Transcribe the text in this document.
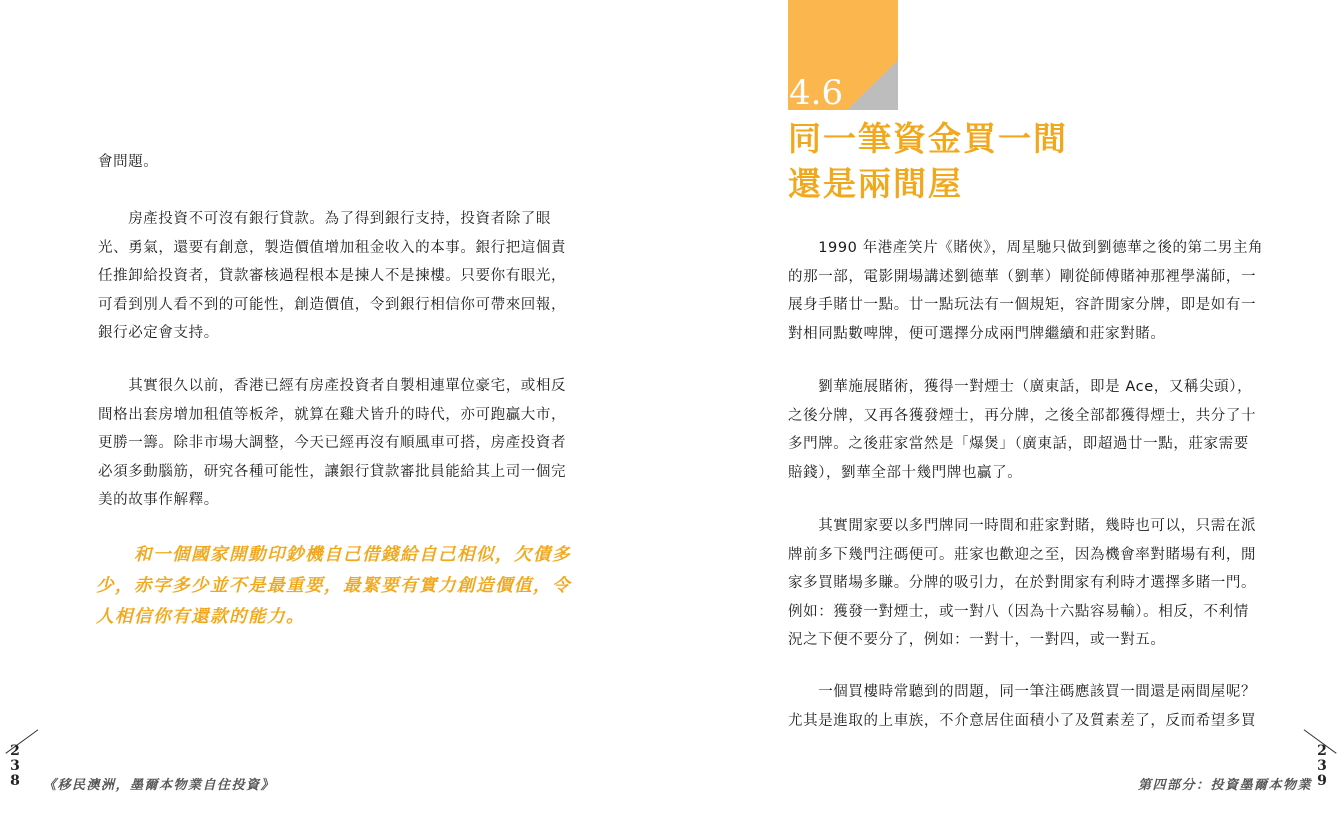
會問題。

　　房產投資不可沒有銀行貸款。為了得到銀行支持，投資者除了眼

光、勇氣，還要有創意，製造價值增加租金收入的本事。銀行把這個責

任推卸給投資者，貸款審核過程根本是揀人不是揀樓。只要你有眼光，

可看到別人看不到的可能性，創造價值，令到銀行相信你可帶來回報，

銀行必定會支持。

　　其實很久以前，香港已經有房產投資者自製相連單位豪宅，或相反

間格出套房增加租值等板斧，就算在雞犬皆升的時代，亦可跑贏大市，

更勝一籌。除非市場大調整，今天已經再沒有順風車可搭，房產投資者

必須多動腦筋，研究各種可能性，讓銀行貸款審批員能給其上司一個完

美的故事作解釋。

　　和一個國家開動印鈔機自己借錢給自己相似，欠債多

少，赤字多少並不是最重要，最緊要有實力創造價值，令

人相信你有還款的能力。

2
3
8 《移民澳洲，墨爾本物業自住投資》
4.6

同一筆資金買一間

還是兩間屋

　　1990 年港產笑片《賭俠》，周星馳只做到劉德華之後的第二男主角

的那一部，電影開場講述劉德華（劉華）剛從師傅賭神那裡學滿師，一

展身手賭廿一點。廿一點玩法有一個規矩，容許閒家分牌，即是如有一

對相同點數啤牌，便可選擇分成兩門牌繼續和莊家對賭。

　　劉華施展賭術，獲得一對煙士（廣東話，即是 Ace，又稱尖頭），

之後分牌，又再各獲發煙士，再分牌，之後全部都獲得煙士，共分了十

多門牌。之後莊家當然是「爆煲」（廣東話，即超過廿一點，莊家需要

賠錢），劉華全部十幾門牌也贏了。

　　其實閒家要以多門牌同一時間和莊家對賭，幾時也可以，只需在派

牌前多下幾門注碼便可。莊家也歡迎之至，因為機會率對賭場有利，閒

家多買賭場多賺。分牌的吸引力，在於對閒家有利時才選擇多賭一門。

例如：獲發一對煙士，或一對八（因為十六點容易輸）。相反，不利情

況之下便不要分了，例如：一對十，一對四，或一對五。

　　一個買樓時常聽到的問題，同一筆注碼應該買一間還是兩間屋呢？

尤其是進取的上車族，不介意居住面積小了及質素差了，反而希望多買

2
3
9
第四部分：投資墨爾本物業
